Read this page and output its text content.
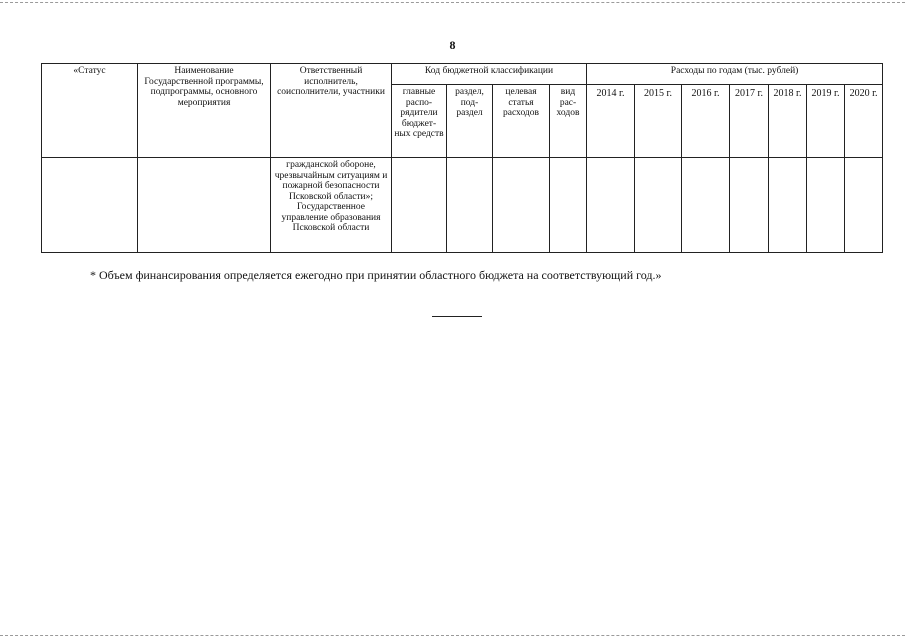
8
«Статус	Наименование Государственной программы, подпрограммы, основного мероприятия	Ответственный исполнитель, соисполнители, участники	Код бюджетной классификации				Расходы по годам (тыс. рублей)						
			главные распо-рядители бюджет-ных средств	раздел, под-раздел	целевая статья расходов	вид рас-ходов	2014 г.	2015 г.	2016 г.	2017 г.	2018 г.	2019 г.	2020 г.
		гражданской обороне, чрезвычайным ситуациям и пожарной безопасности Псковской области»; Государственное управление образования Псковской области											
* Объем финансирования определяется ежегодно при принятии областного бюджета на соответствующий год.»
